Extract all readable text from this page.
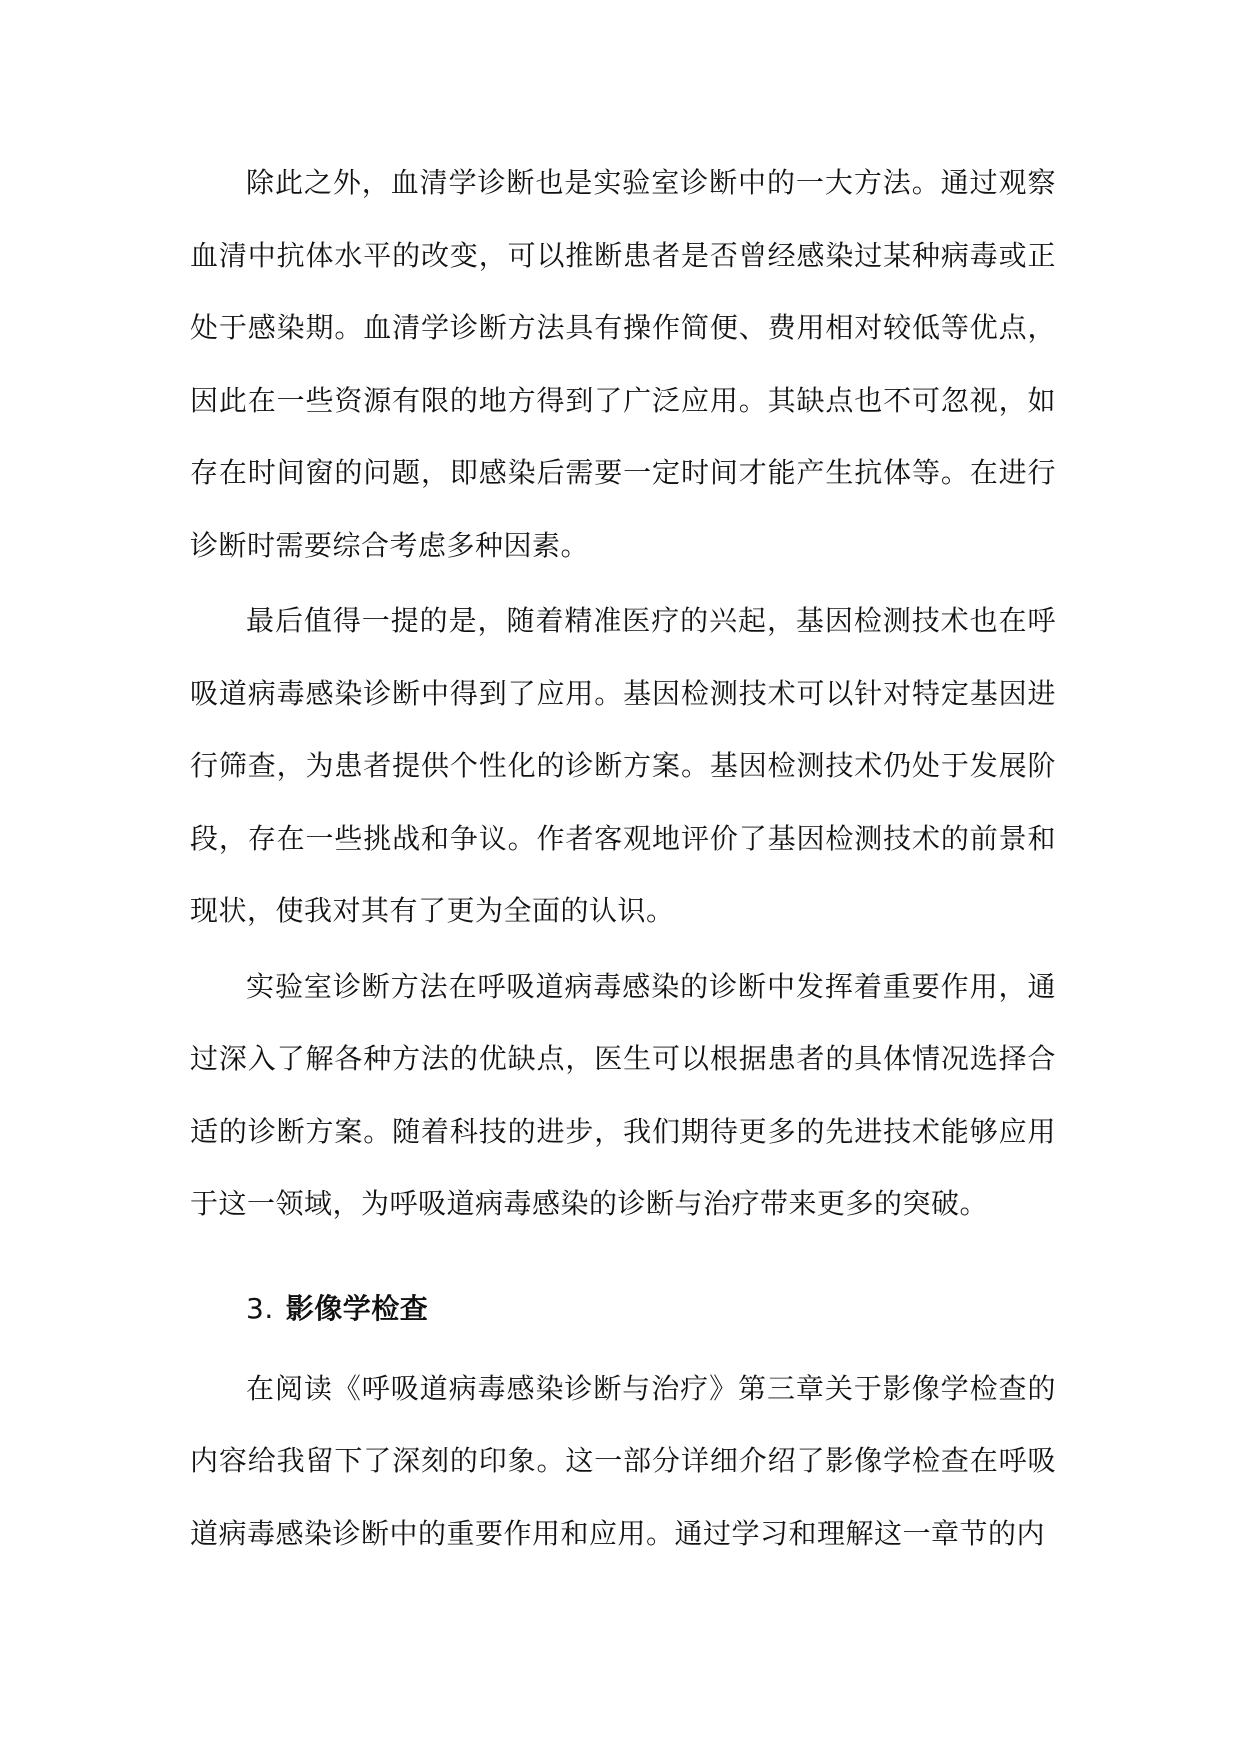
除此之外，血清学诊断也是实验室诊断中的一大方法。通过观察血清中抗体水平的改变，可以推断患者是否曾经感染过某种病毒或正处于感染期。血清学诊断方法具有操作简便、费用相对较低等优点，因此在一些资源有限的地方得到了广泛应用。其缺点也不可忽视，如存在时间窗的问题，即感染后需要一定时间才能产生抗体等。在进行诊断时需要综合考虑多种因素。

最后值得一提的是，随着精准医疗的兴起，基因检测技术也在呼吸道病毒感染诊断中得到了应用。基因检测技术可以针对特定基因进行筛查，为患者提供个性化的诊断方案。基因检测技术仍处于发展阶段，存在一些挑战和争议。作者客观地评价了基因检测技术的前景和现状，使我对其有了更为全面的认识。

实验室诊断方法在呼吸道病毒感染的诊断中发挥着重要作用，通过深入了解各种方法的优缺点，医生可以根据患者的具体情况选择合适的诊断方案。随着科技的进步，我们期待更多的先进技术能够应用于这一领域，为呼吸道病毒感染的诊断与治疗带来更多的突破。

3. 影像学检查

在阅读《呼吸道病毒感染诊断与治疗》第三章关于影像学检查的内容给我留下了深刻的印象。这一部分详细介绍了影像学检查在呼吸道病毒感染诊断中的重要作用和应用。通过学习和理解这一章节的内
